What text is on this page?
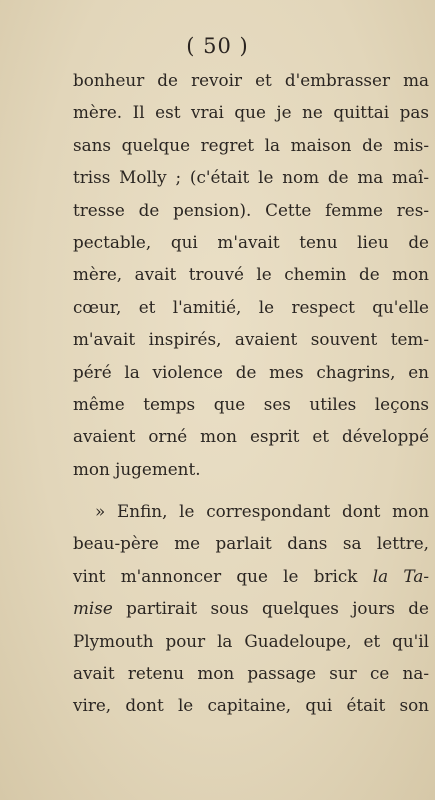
( 50 )
bonheur de revoir et d'embrasser ma
mère. Il est vrai que je ne quittai pas
sans quelque regret la maison de mis-
triss Molly ; (c'était le nom de ma maî-
tresse de pension). Cette femme res-
pectable, qui m'avait tenu lieu de
mère, avait trouvé le chemin de mon
cœur, et l'amitié, le respect qu'elle
m'avait inspirés, avaient souvent tem-
péré la violence de mes chagrins, en
même temps que ses utiles leçons
avaient orné mon esprit et développé
mon jugement.
» Enfin, le correspondant dont mon
beau-père me parlait dans sa lettre,
vint m'annoncer que le brick la Ta-
mise partirait sous quelques jours de
Plymouth pour la Guadeloupe, et qu'il
avait retenu mon passage sur ce na-
vire, dont le capitaine, qui était son
